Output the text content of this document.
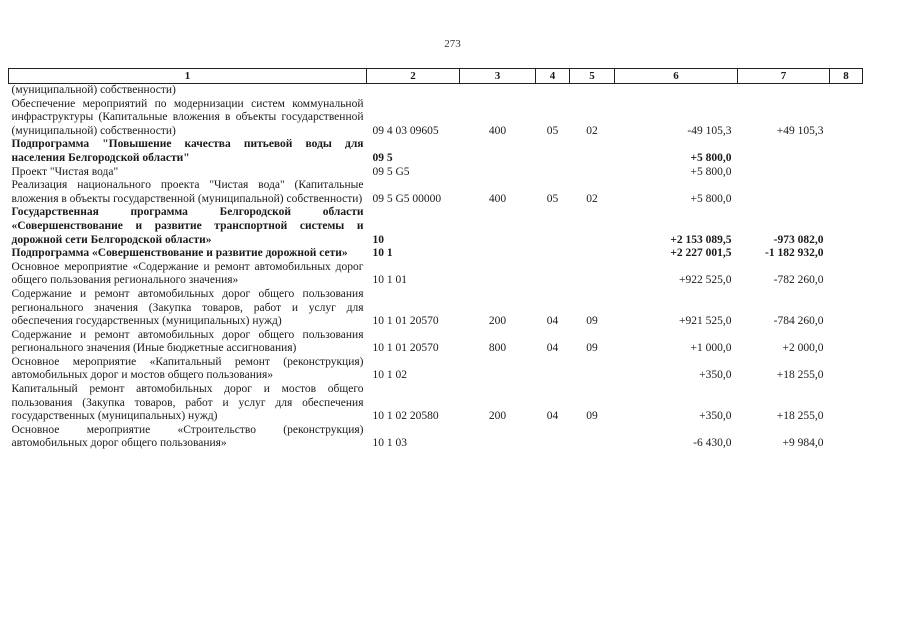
273
1	2	3	4	5	6	7	8
(муниципальной) собственности)							
Обеспечение мероприятий по модернизации систем коммунальной инфраструктуры (Капитальные вложения в объекты государственной (муниципальной) собственности)	09 4 03 09605	400	05	02	-49 105,3	+49 105,3	
Подпрограмма "Повышение качества питьевой воды для населения Белгородской области"	09 5				+5 800,0		
Проект "Чистая вода"	09 5 G5				+5 800,0		
Реализация национального проекта "Чистая вода" (Капитальные вложения в объекты государственной (муниципальной) собственности)	09 5 G5 00000	400	05	02	+5 800,0		
Государственная программа Белгородской области «Совершенствование и развитие транспортной системы и дорожной сети Белгородской области»	10				+2 153 089,5	-973 082,0	
Подпрограмма «Совершенствование и развитие дорожной сети»	10 1				+2 227 001,5	-1 182 932,0	
Основное мероприятие «Содержание и ремонт автомобильных дорог общего пользования регионального значения»	10 1 01				+922 525,0	-782 260,0	
Содержание и ремонт автомобильных дорог общего пользования регионального значения (Закупка товаров, работ и услуг для обеспечения государственных (муниципальных) нужд)	10 1 01 20570	200	04	09	+921 525,0	-784 260,0	
Содержание и ремонт автомобильных дорог общего пользования регионального значения (Иные бюджетные ассигнования)	10 1 01 20570	800	04	09	+1 000,0	+2 000,0	
Основное мероприятие «Капитальный ремонт (реконструкция) автомобильных дорог и мостов общего пользования»	10 1 02				+350,0	+18 255,0	
Капитальный ремонт автомобильных дорог и мостов общего пользования (Закупка товаров, работ и услуг для обеспечения государственных (муниципальных) нужд)	10 1 02 20580	200	04	09	+350,0	+18 255,0	
Основное мероприятие «Строительство (реконструкция) автомобильных дорог общего пользования»	10 1 03				-6 430,0	+9 984,0	
